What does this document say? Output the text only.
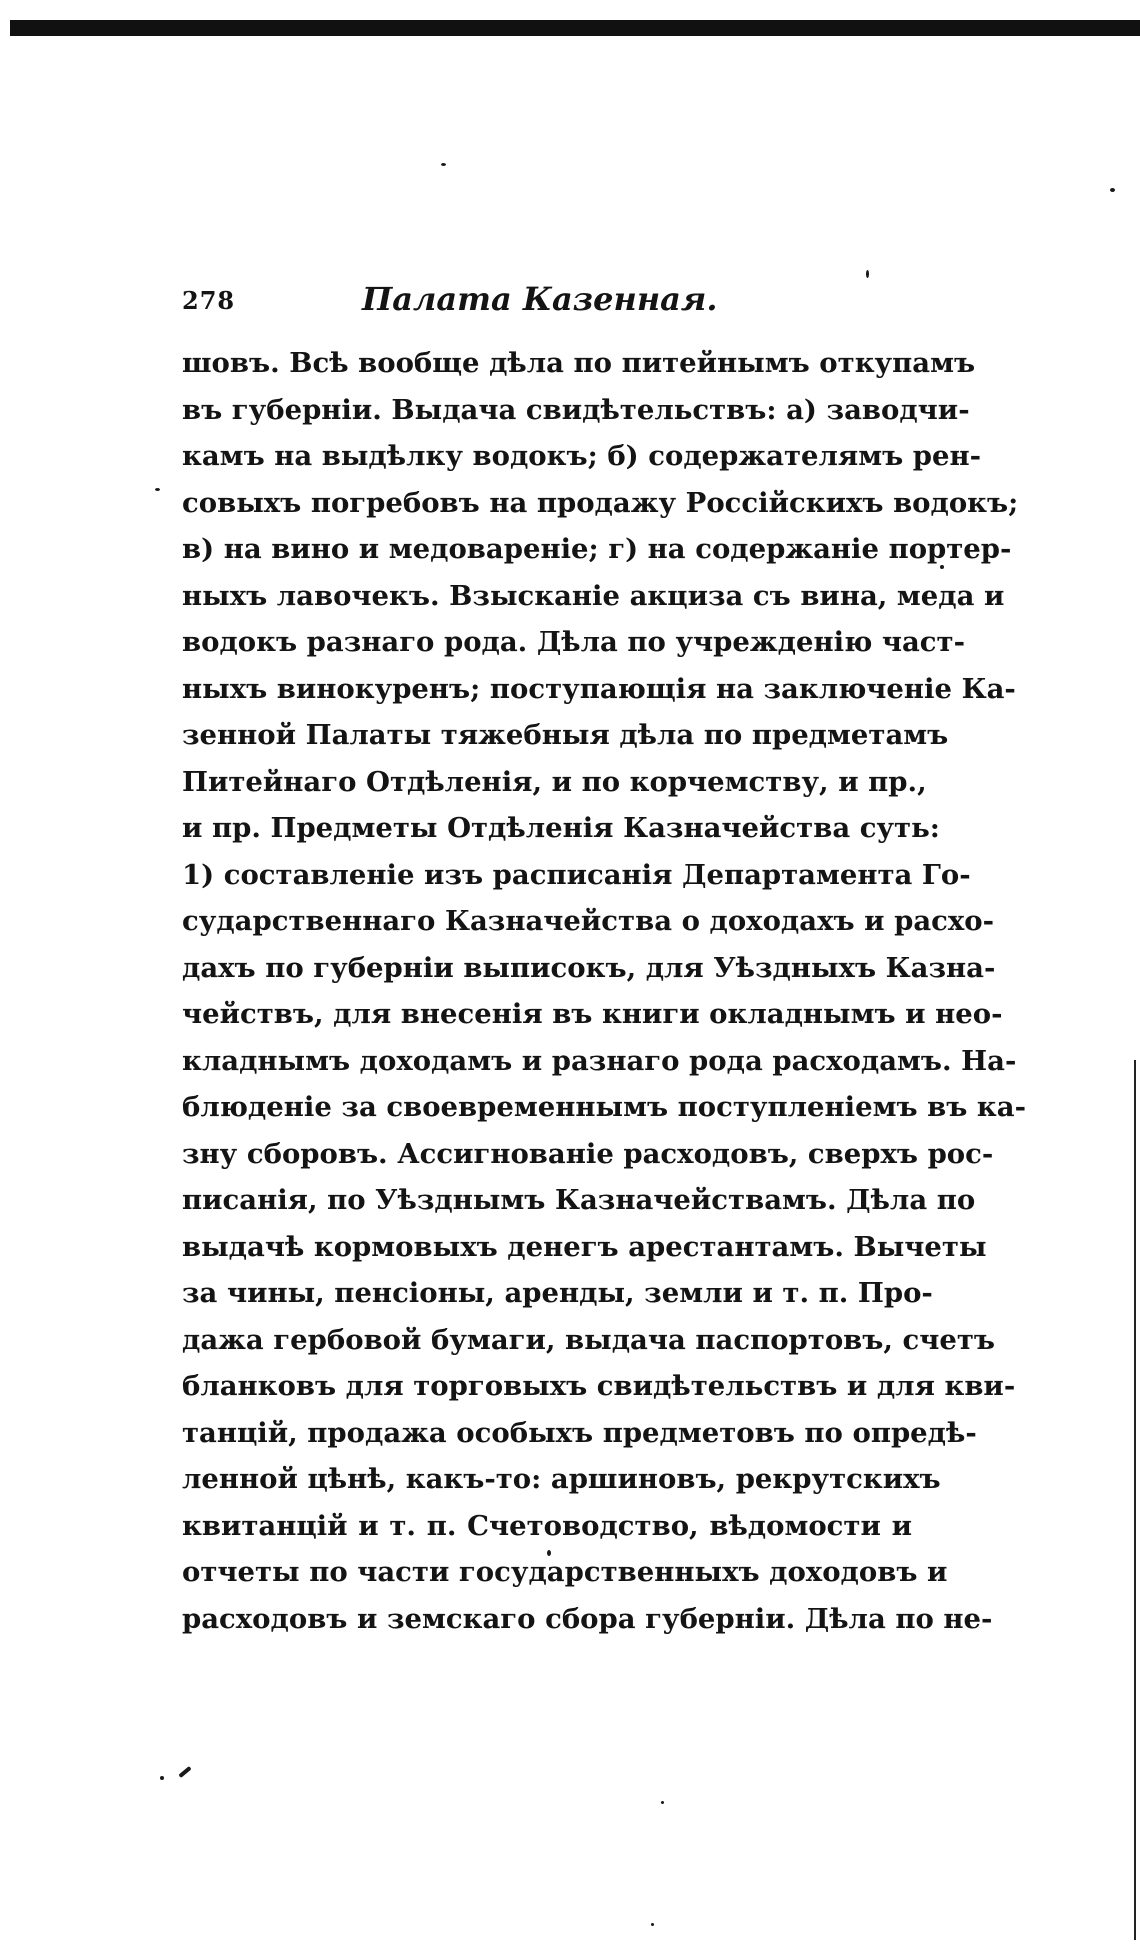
278	Палата Казенная.
шовъ. Всѣ вообще дѣла по питейнымъ откупамъ
въ губерніи. Выдача свидѣтельствъ: а) заводчи-
камъ на выдѣлку водокъ; б) содержателямъ рен-
совыхъ погребовъ на продажу Россійскихъ водокъ;
в) на вино и медовареніе; г) на содержаніе портер-
ныхъ лавочекъ. Взысканіе акциза съ вина, меда и
водокъ разнаго рода. Дѣла по учрежденію част-
ныхъ винокуренъ; поступающія на заключеніе Ка-
зенной Палаты тяжебныя дѣла по предметамъ
Питейнаго Отдѣленія, и по корчемству, и пр.,
и пр. Предметы Отдѣленія Казначейства суть:
1) составленіе изъ расписанія Департамента Го-
сударственнаго Казначейства о доходахъ и расхо-
дахъ по губерніи выписокъ, для Уѣздныхъ Казна-
чействъ, для внесенія въ книги окладнымъ и нео-
кладнымъ доходамъ и разнаго рода расходамъ. На-
блюденіе за своевременнымъ поступленіемъ въ ка-
зну сборовъ. Ассигнованіе расходовъ, сверхъ рос-
писанія, по Уѣзднымъ Казначействамъ. Дѣла по
выдачѣ кормовыхъ денегъ арестантамъ. Вычеты
за чины, пенсіоны, аренды, земли и т. п. Про-
дажа гербовой бумаги, выдача паспортовъ, счетъ
бланковъ для торговыхъ свидѣтельствъ и для кви-
танцій, продажа особыхъ предметовъ по опредѣ-
ленной цѣнѣ, какъ-то: аршиновъ, рекрутскихъ
квитанцій и т. п. Счетоводство, вѣдомости и
отчеты по части государственныхъ доходовъ и
расходовъ и земскаго сбора губерніи. Дѣла по не-
